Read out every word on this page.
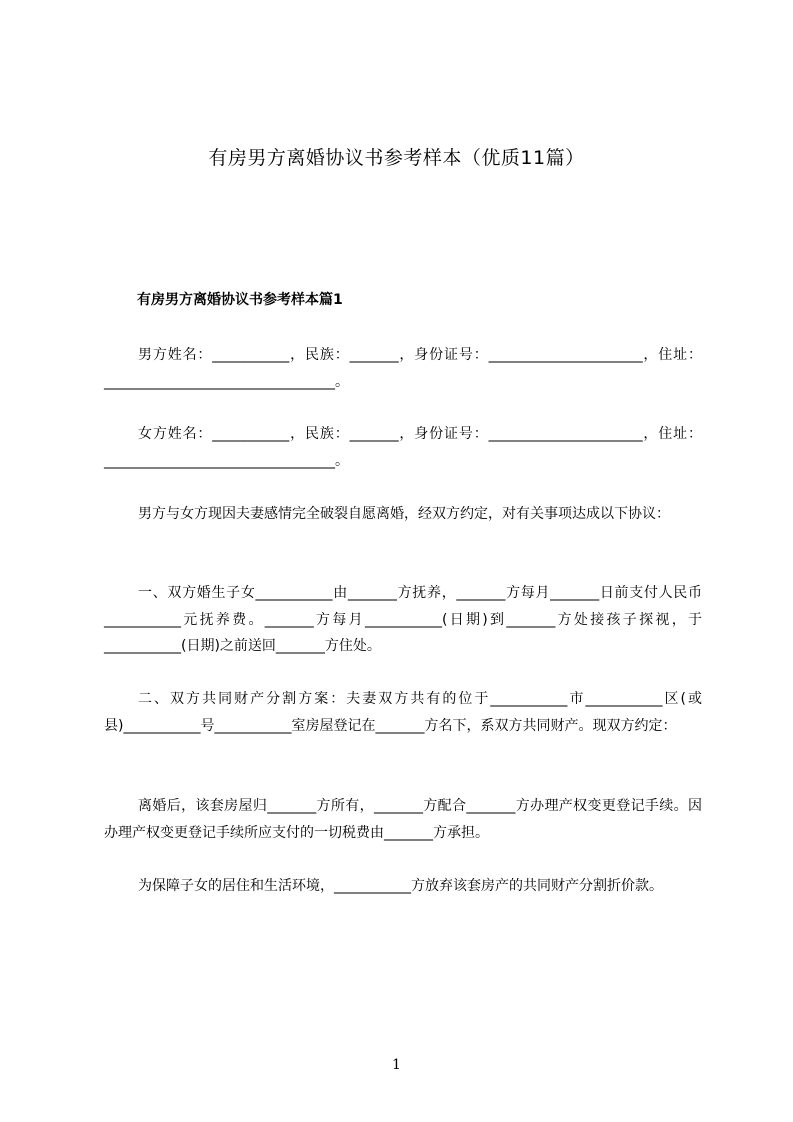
有房男方离婚协议书参考样本（优质11篇）
有房男方离婚协议书参考样本篇1

男方姓名：___________，民族：_______，身份证号：______________________，住址：_________________________________。

女方姓名：___________，民族：_______，身份证号：______________________，住址：_________________________________。

男方与女方现因夫妻感情完全破裂自愿离婚，经双方约定，对有关事项达成以下协议：

一、双方婚生子女___________由_______方抚养，_______方每月_______日前支付人民币___________元抚养费。_______方每月___________(日期)到_______方处接孩子探视，于___________(日期)之前送回_______方住处。

二、双方共同财产分割方案：夫妻双方共有的位于___________市___________区(或县)___________号___________室房屋登记在_______方名下，系双方共同财产。现双方约定：

离婚后，该套房屋归_______方所有，_______方配合_______方办理产权变更登记手续。因办理产权变更登记手续所应支付的一切税费由_______方承担。

为保障子女的居住和生活环境，___________方放弃该套房产的共同财产分割折价款。

1
